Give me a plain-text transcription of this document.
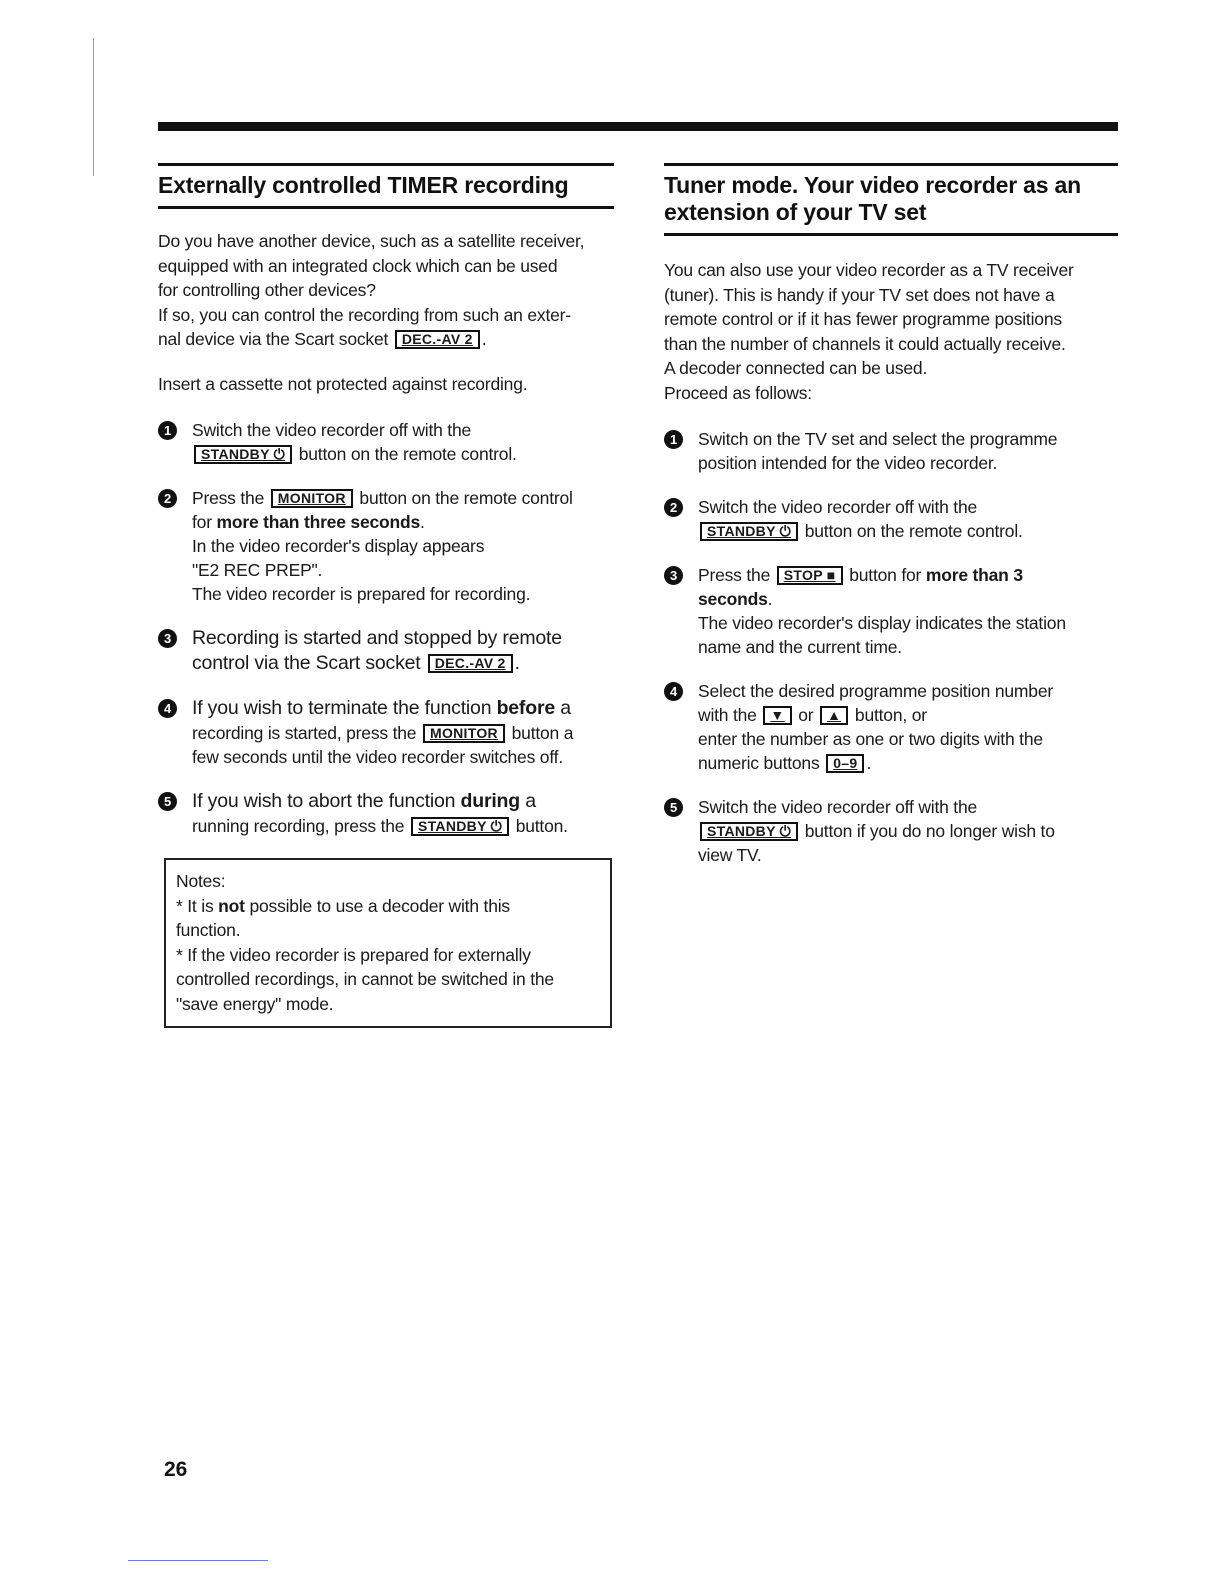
Externally controlled TIMER recording

Do you have another device, such as a satellite receiver,

equipped with an integrated clock which can be used

for controlling other devices?

If so, you can control the recording from such an exter-

nal device via the Scart socket DEC.-AV 2 .

Insert a cassette not protected against recording.

1	Switch the video recorder off with the
STANDBY ⏻ button on the remote control.
2	Press the MONITOR button on the remote control
for more than three seconds.
In the video recorder's display appears
"E2 REC PREP".
The video recorder is prepared for recording.
3	Recording is started and stopped by remote
control via the Scart socket DEC.-AV 2 .
4	If you wish to terminate the function before a
recording is started, press the MONITOR button a
few seconds until the video recorder switches off.
5	If you wish to abort the function during a
running recording, press the STANDBY ⏻ button.

Notes:

* It is not possible to use a decoder with this

function.

* If the video recorder is prepared for externally

controlled recordings, in cannot be switched in the

"save energy" mode.

Tuner mode. Your video recorder as an
extension of your TV set

You can also use your video recorder as a TV receiver

(tuner). This is handy if your TV set does not have a

remote control or if it has fewer programme positions

than the number of channels it could actually receive.

A decoder connected can be used.

Proceed as follows:

1	Switch on the TV set and select the programme
position intended for the video recorder.
2	Switch the video recorder off with the
STANDBY ⏻ button on the remote control.
3	Press the STOP ■ button for more than 3
seconds.
The video recorder's display indicates the station
name and the current time.
4	Select the desired programme position number
with the ▼ or ▲ button, or
enter the number as one or two digits with the
numeric buttons 0–9 .
5	Switch the video recorder off with the
STANDBY ⏻ button if you do no longer wish to
view TV.
26
